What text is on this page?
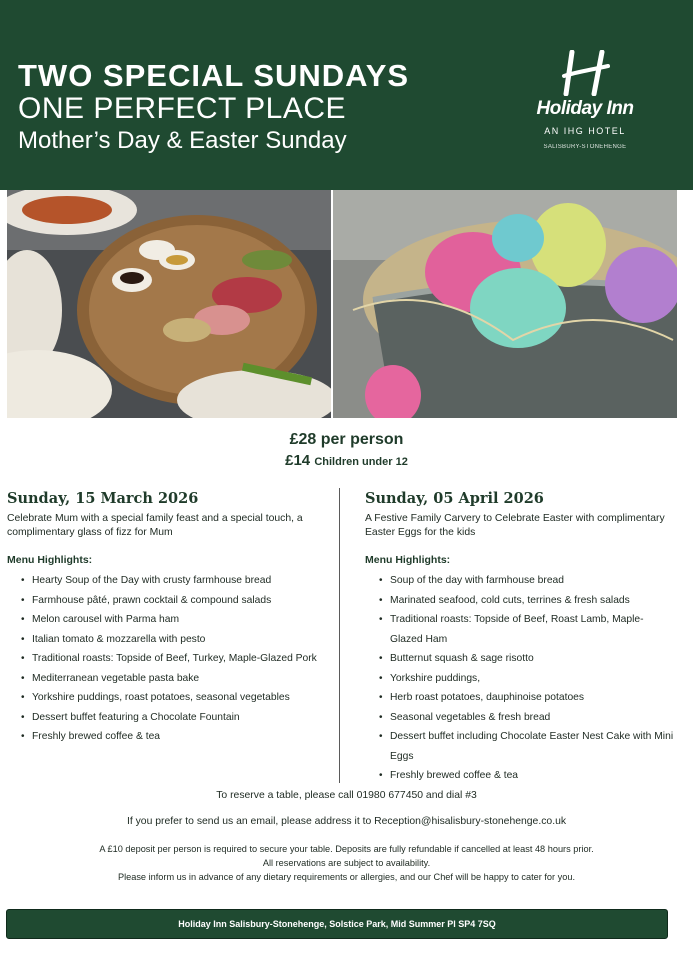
TWO SPECIAL SUNDAYS
ONE PERFECT PLACE
Mother’s Day & Easter Sunday
Holiday Inn
AN IHG HOTEL
SALISBURY-STONEHENGE
£28 per person
£14 Children under 12
Sunday, 15 March 2026
Celebrate Mum with a special family feast and a special touch, a complimentary glass of fizz for Mum
Menu Highlights:
• Hearty Soup of the Day with crusty farmhouse bread
• Farmhouse pâté, prawn cocktail & compound salads
• Melon carousel with Parma ham
• Italian tomato & mozzarella with pesto
• Traditional roasts: Topside of Beef, Turkey, Maple-Glazed Pork
• Mediterranean vegetable pasta bake
• Yorkshire puddings, roast potatoes, seasonal vegetables
• Dessert buffet featuring a Chocolate Fountain
• Freshly brewed coffee & tea
Sunday, 05 April 2026
A Festive Family Carvery to Celebrate Easter with complimentary Easter Eggs for the kids
Menu Highlights:
• Soup of the day with farmhouse bread
• Marinated seafood, cold cuts, terrines & fresh salads
• Traditional roasts: Topside of Beef, Roast Lamb, Maple-Glazed Ham
• Butternut squash & sage risotto
• Yorkshire puddings,
• Herb roast potatoes, dauphinoise potatoes
• Seasonal vegetables & fresh bread
• Dessert buffet including Chocolate Easter Nest Cake with Mini Eggs
• Freshly brewed coffee & tea
To reserve a table, please call 01980 677450 and dial #3
If you prefer to send us an email, please address it to Reception@hisalisbury-stonehenge.co.uk
A £10 deposit per person is required to secure your table. Deposits are fully refundable if cancelled at least 48 hours prior.
All reservations are subject to availability.
Please inform us in advance of any dietary requirements or allergies, and our Chef will be happy to cater for you.
Holiday Inn Salisbury-Stonehenge, Solstice Park, Mid Summer Pl SP4 7SQ
